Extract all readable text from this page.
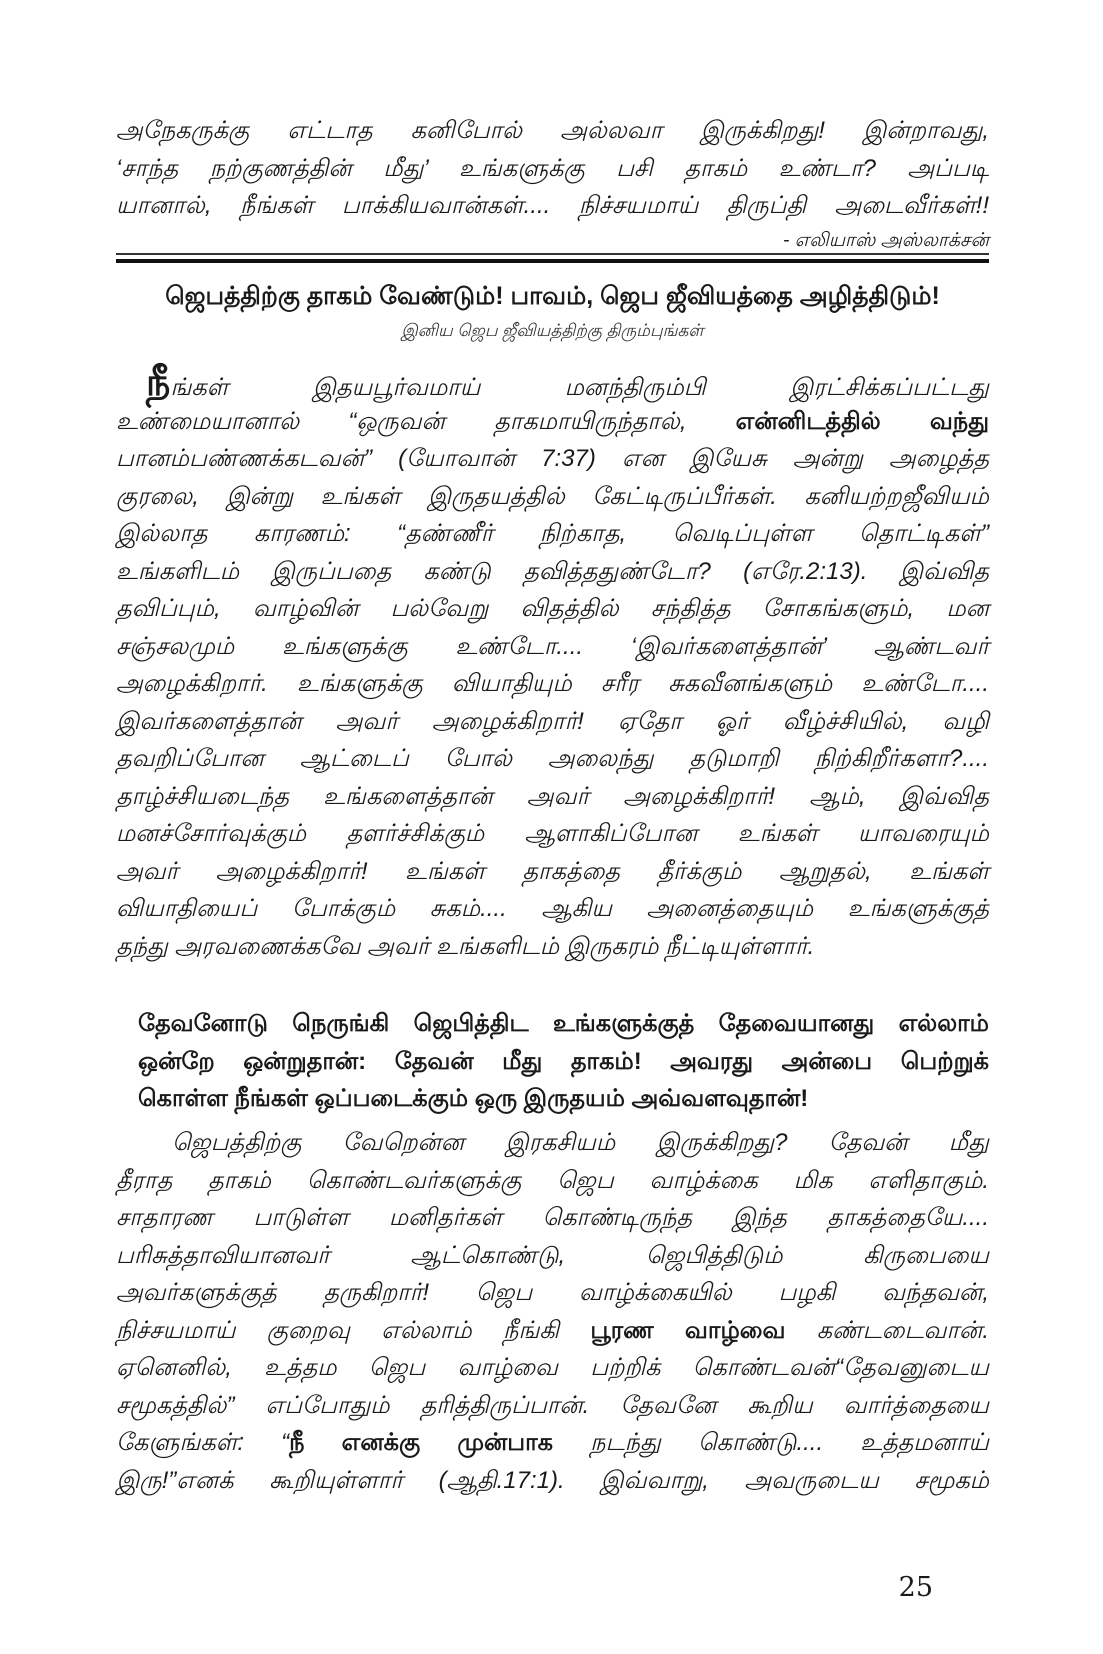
அநேகருக்கு எட்டாத கனிபோல் அல்லவா இருக்கிறது! இன்றாவது,
‘சாந்த நற்குணத்தின் மீது’ உங்களுக்கு பசி தாகம் உண்டா? அப்படி
யானால், நீங்கள் பாக்கியவான்கள்.... நிச்சயமாய் திருப்தி அடைவீர்கள்!!
- எலியாஸ் அஸ்லாக்சன்
ஜெபத்திற்கு தாகம் வேண்டும்! பாவம், ஜெப ஜீவியத்தை அழித்திடும்!
இனிய ஜெப ஜீவியத்திற்கு திரும்புங்கள்
நீங்கள் இதயபூர்வமாய் மனந்திரும்பி இரட்சிக்கப்பட்டது
உண்மையானால் “ஒருவன் தாகமாயிருந்தால், என்னிடத்தில் வந்து
பானம்பண்ணக்கடவன்” (யோவான் 7:37) என இயேசு அன்று அழைத்த
குரலை, இன்று உங்கள் இருதயத்தில் கேட்டிருப்பீர்கள். கனியற்றஜீவியம்
இல்லாத காரணம்: “தண்ணீர் நிற்காத, வெடிப்புள்ள தொட்டிகள்”
உங்களிடம் இருப்பதை கண்டு தவித்ததுண்டோ? (எரே.2:13). இவ்வித
தவிப்பும், வாழ்வின் பல்வேறு விதத்தில் சந்தித்த சோகங்களும், மன
சஞ்சலமும் உங்களுக்கு உண்டோ.... ‘இவர்களைத்தான்’ ஆண்டவர்
அழைக்கிறார். உங்களுக்கு வியாதியும் சரீர சுகவீனங்களும் உண்டோ....
இவர்களைத்தான் அவர் அழைக்கிறார்! ஏதோ ஓர் வீழ்ச்சியில், வழி
தவறிப்போன ஆட்டைப் போல் அலைந்து தடுமாறி நிற்கிறீர்களா?....
தாழ்ச்சியடைந்த உங்களைத்தான் அவர் அழைக்கிறார்! ஆம், இவ்வித
மனச்சோர்வுக்கும் தளர்ச்சிக்கும் ஆளாகிப்போன உங்கள் யாவரையும்
அவர் அழைக்கிறார்! உங்கள் தாகத்தை தீர்க்கும் ஆறுதல், உங்கள்
வியாதியைப் போக்கும் சுகம்.... ஆகிய அனைத்தையும் உங்களுக்குத்
தந்து அரவணைக்கவே அவர் உங்களிடம் இருகரம் நீட்டியுள்ளார்.
தேவனோடு நெருங்கி ஜெபித்திட உங்களுக்குத் தேவையானது எல்லாம்
ஒன்றே ஒன்றுதான்: தேவன் மீது தாகம்! அவரது அன்பை பெற்றுக்
கொள்ள நீங்கள் ஒப்படைக்கும் ஒரு இருதயம் அவ்வளவுதான்!
ஜெபத்திற்கு வேறென்ன இரகசியம் இருக்கிறது? தேவன் மீது
தீராத தாகம் கொண்டவர்களுக்கு ஜெப வாழ்க்கை மிக எளிதாகும்.
சாதாரண பாடுள்ள மனிதர்கள் கொண்டிருந்த இந்த தாகத்தையே....
பரிசுத்தாவியானவர் ஆட்கொண்டு, ஜெபித்திடும் கிருபையை
அவர்களுக்குத் தருகிறார்! ஜெப வாழ்க்கையில் பழகி வந்தவன்,
நிச்சயமாய் குறைவு எல்லாம் நீங்கி பூரண வாழ்வை கண்டடைவான்.
ஏனெனில், உத்தம ஜெப வாழ்வை பற்றிக் கொண்டவன்“தேவனுடைய
சமூகத்தில்” எப்போதும் தரித்திருப்பான். தேவனே கூறிய வார்த்தையை
கேளுங்கள்: “நீ எனக்கு முன்பாக நடந்து கொண்டு.... உத்தமனாய்
இரு!”எனக் கூறியுள்ளார் (ஆதி.17:1). இவ்வாறு, அவருடைய சமூகம்
25
